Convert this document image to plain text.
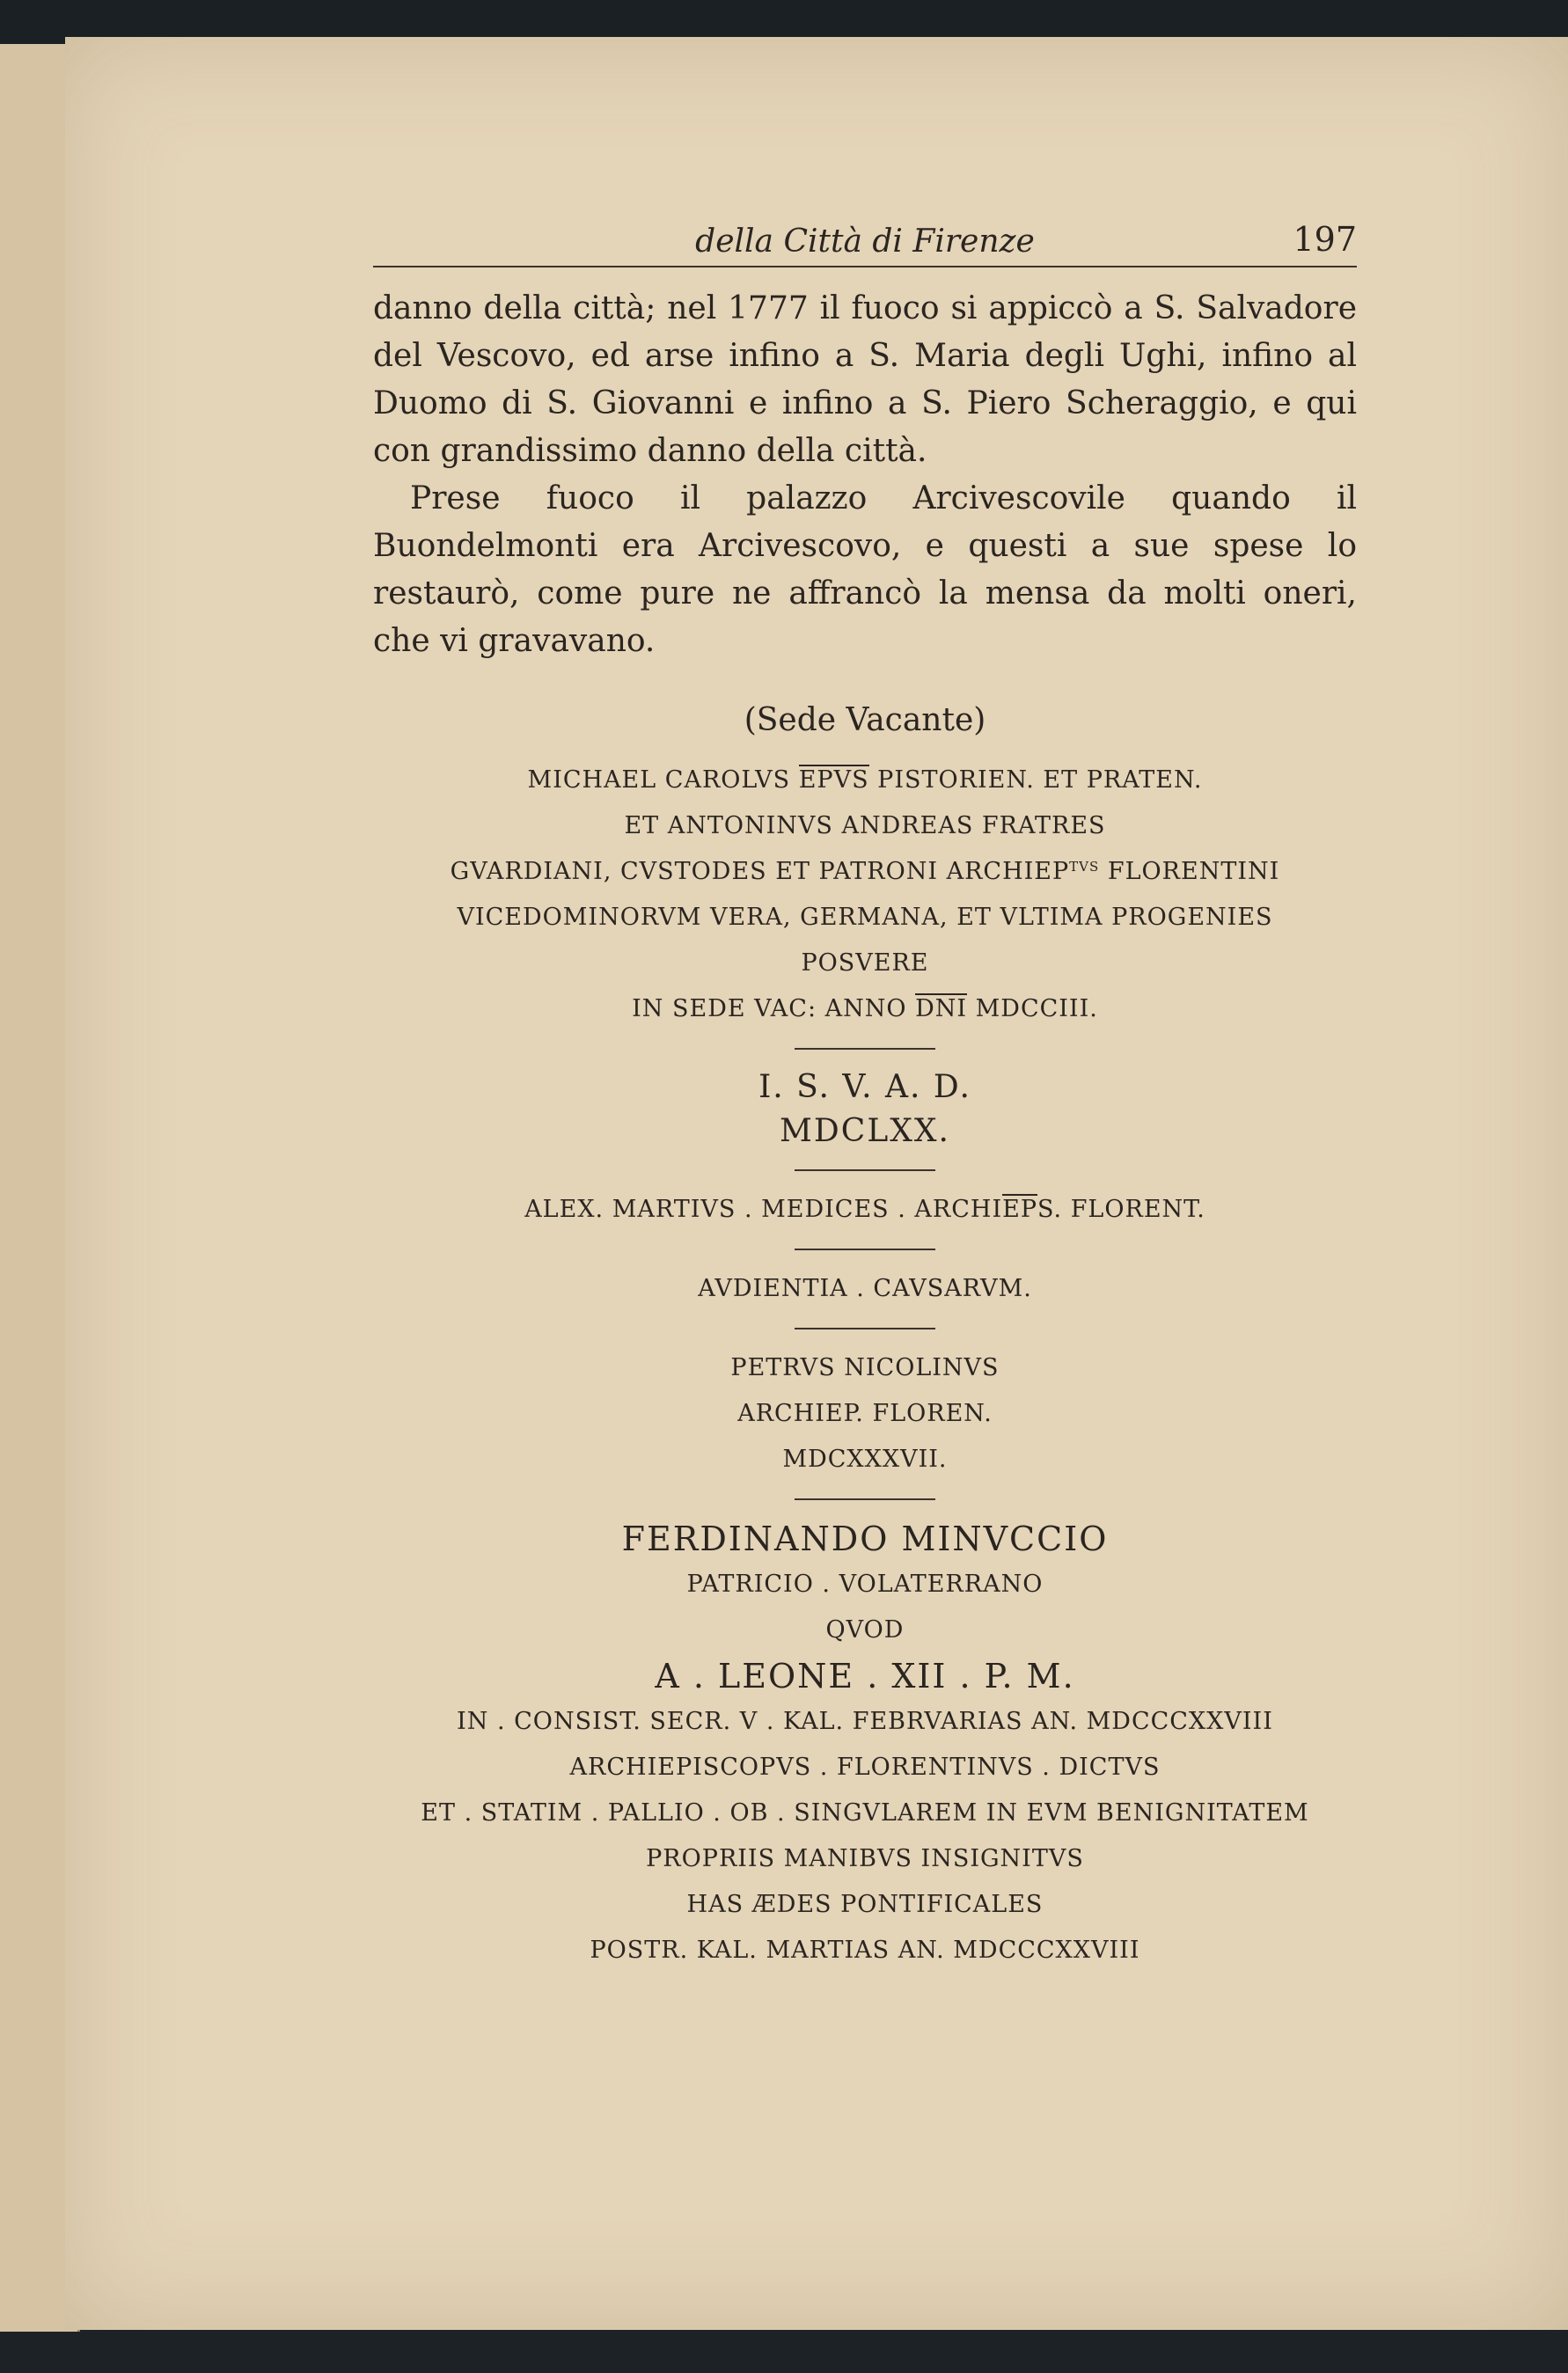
della Città di Firenze	197

danno della città; nel 1777 il fuoco si appiccò a S. Salvadore del Vescovo, ed arse infino a S. Maria degli Ughi, infino al Duomo di S. Giovanni e infino a S. Piero Scheraggio, e qui con grandissimo danno della città.

Prese fuoco il palazzo Arcivescovile quando il Buondelmonti era Arcivescovo, e questi a sue spese lo restaurò, come pure ne affrancò la mensa da molti oneri, che vi gravavano.

(Sede Vacante)
MICHAEL CAROLVS EPVS PISTORIEN. ET PRATEN.
ET ANTONINVS ANDREAS FRATRES
GVARDIANI, CVSTODES ET PATRONI $ARCHIEP^{TVS}$ FLORENTINI
VICEDOMINORVM VERA, GERMANA, ET VLTIMA PROGENIES
POSVERE
IN SEDE VAC: ANNO DNI MDCCIII.
I. S. V. A. D.
MDCLXX.
ALEX. MARTIVS . MEDICES . ARCHIEPS. FLORENT.
AVDIENTIA . CAVSARVM.
PETRVS NICOLINVS
ARCHIEP. FLOREN.
MDCXXXVII.
FERDINANDO MINVCCIO
PATRICIO . VOLATERRANO
QVOD
A . LEONE . XII . P. M.
IN . CONSIST. SECR. V . KAL. FEBRVARIAS AN. MDCCCXXVIII
ARCHIEPISCOPVS . FLORENTINVS . DICTVS
ET . STATIM . PALLIO . OB . SINGVLAREM IN EVM BENIGNITATEM
PROPRIIS MANIBVS INSIGNITVS
HAS ÆDES PONTIFICALES
POSTR. KAL. MARTIAS AN. MDCCCXXVIII
